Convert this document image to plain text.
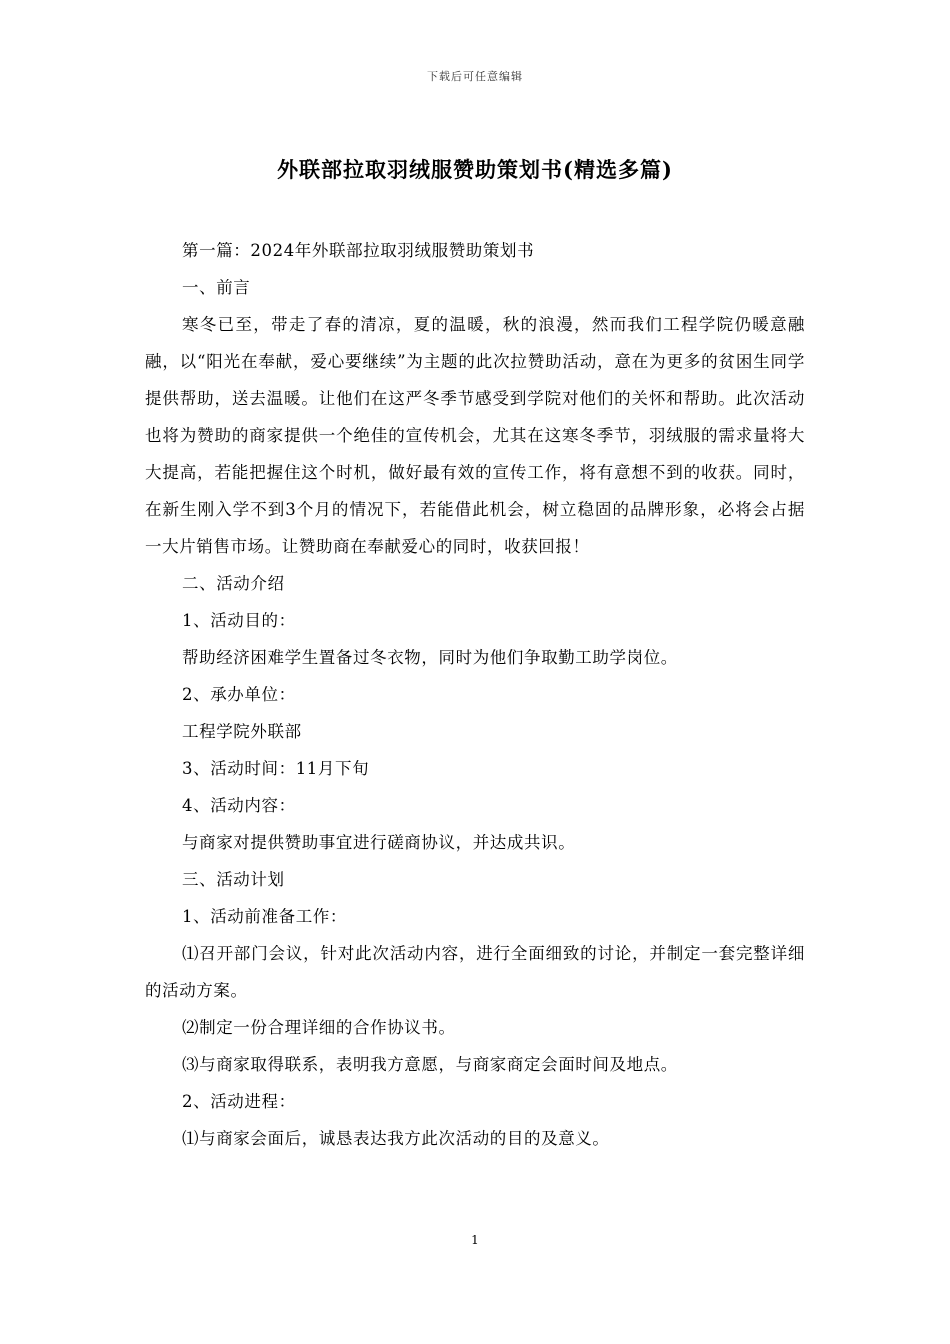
下载后可任意编辑
外联部拉取羽绒服赞助策划书(精选多篇)

第一篇：2024年外联部拉取羽绒服赞助策划书

一、前言

寒冬已至，带走了春的清凉，夏的温暖，秋的浪漫，然而我们工程学院仍暖意融融，以“阳光在奉献，爱心要继续”为主题的此次拉赞助活动，意在为更多的贫困生同学提供帮助，送去温暖。让他们在这严冬季节感受到学院对他们的关怀和帮助。此次活动也将为赞助的商家提供一个绝佳的宣传机会，尤其在这寒冬季节，羽绒服的需求量将大大提高，若能把握住这个时机，做好最有效的宣传工作，将有意想不到的收获。同时，在新生刚入学不到3个月的情况下，若能借此机会，树立稳固的品牌形象，必将会占据一大片销售市场。让赞助商在奉献爱心的同时，收获回报！

二、活动介绍

1、活动目的：

帮助经济困难学生置备过冬衣物，同时为他们争取勤工助学岗位。

2、承办单位：

工程学院外联部

3、活动时间：11月下旬

4、活动内容：

与商家对提供赞助事宜进行磋商协议，并达成共识。

三、活动计划

1、活动前准备工作：

⑴召开部门会议，针对此次活动内容，进行全面细致的讨论，并制定一套完整详细的活动方案。

⑵制定一份合理详细的合作协议书。

⑶与商家取得联系，表明我方意愿，与商家商定会面时间及地点。

2、活动进程：

⑴与商家会面后，诚恳表达我方此次活动的目的及意义。

1
